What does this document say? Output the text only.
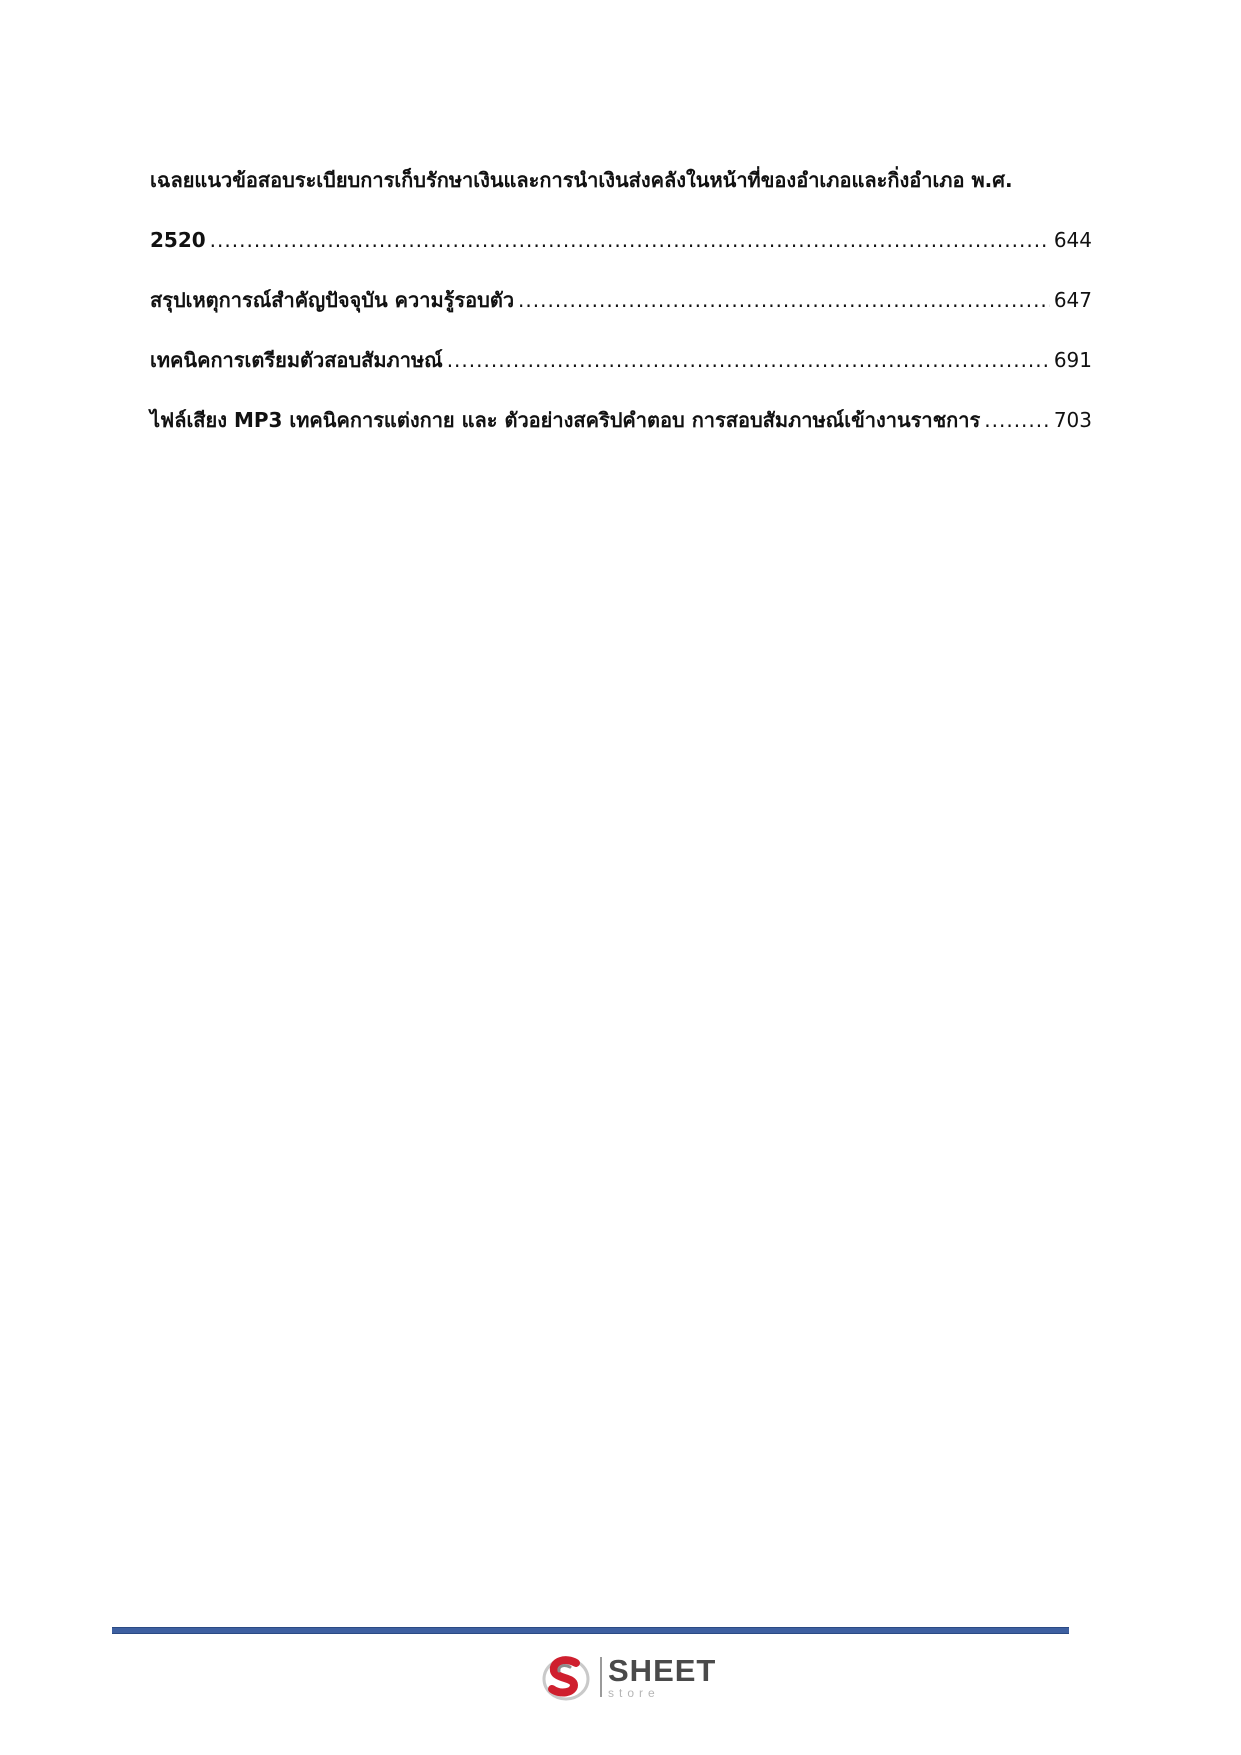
เฉลยแนวข้อสอบระเบียบการเก็บรักษาเงินและการนำเงินส่งคลังในหน้าที่ของอำเภอและกิ่งอำเภอ พ.ศ.
2520 .....	644
สรุปเหตุการณ์สำคัญปัจจุบัน ความรู้รอบตัว .....	647
เทคนิคการเตรียมตัวสอบสัมภาษณ์ .....	691
ไฟล์เสียง MP3 เทคนิคการแต่งกาย และ ตัวอย่างสคริปคำตอบ การสอบสัมภาษณ์เข้างานราชการ .....	703
SHEET
store
